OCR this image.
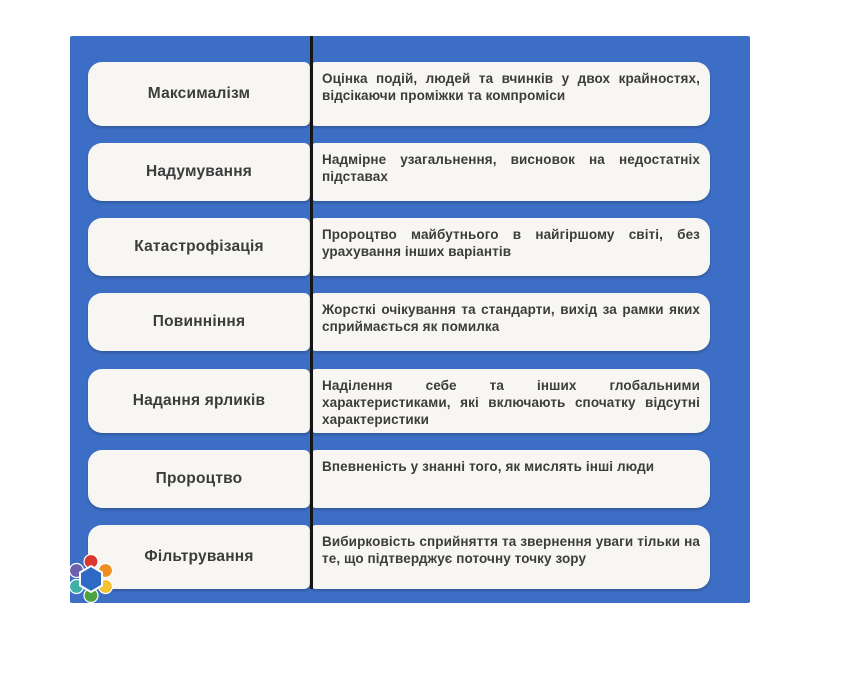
Максималізм

Оцінка подій, людей та вчинків у двох крайностях, відсікаючи проміжки та компроміси

Надумування

Надмірне узагальнення, висновок на недостатніх підставах

Катастрофізація

Пророцтво майбутнього в найгіршому світі, без урахування інших варіантів

Повинніння

Жорсткі очікування та стандарти, вихід за рамки яких сприймається як помилка

Надання ярликів

Наділення себе та інших глобальними характеристиками, які включають спочатку відсутні характеристики

Пророцтво

Впевненість у знанні того, як мислять інші люди

Фільтрування

Вибирковість сприйняття та звернення уваги тільки на те, що підтверджує поточну точку зору
